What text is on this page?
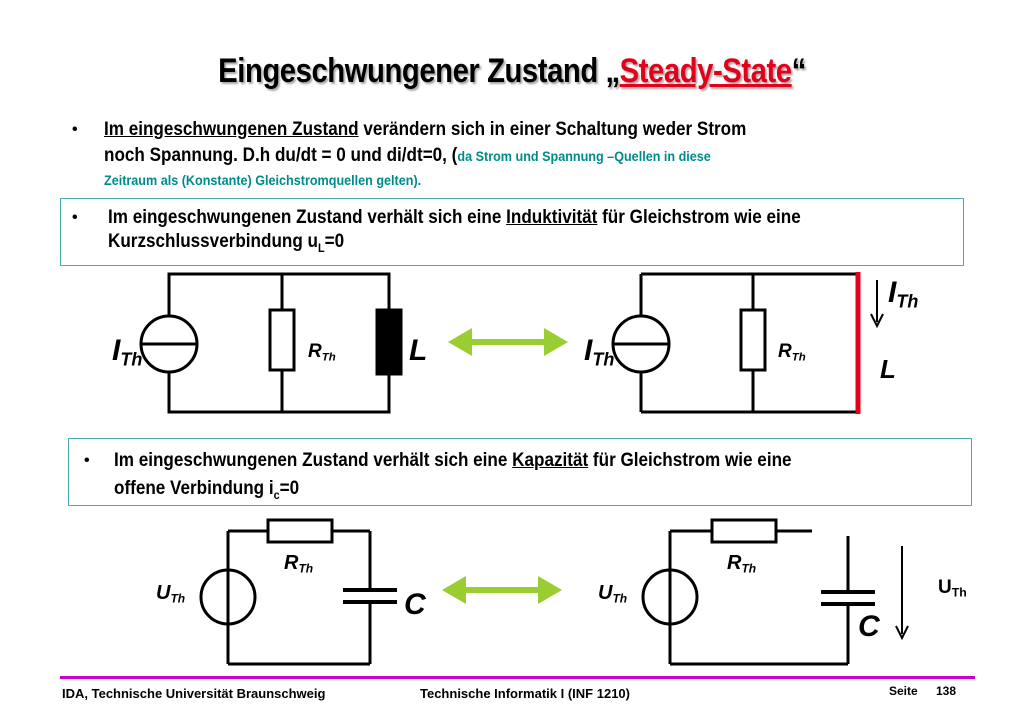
Eingeschwungener Zustand „Steady-State“
• Im eingeschwungenen Zustand verändern sich in einer Schaltung weder Strom
noch Spannung. D.h du/dt = 0 und di/dt=0, (da Strom und Spannung –Quellen in diese
Zeitraum als (Konstante) Gleichstromquellen gelten).
• Im eingeschwungenen Zustand verhält sich eine Induktivität für Gleichstrom wie eine
Kurzschlussverbindung $u_L=0$
• Im eingeschwungenen Zustand verhält sich eine Kapazität für Gleichstrom wie eine
offene Verbindung $i_c=0$
$I_{Th}$	$R_{Th}$ L	$I_{Th}$	$R_{Th}$
$I_{Th}$
L
$U_{Th}$
$R_{Th}$
C	$U_{Th}$
$R_{Th}$
C
$U_{Th}$
IDA, Technische Universität Braunschweig	Technische Informatik I (INF 1210)	Seite 138
